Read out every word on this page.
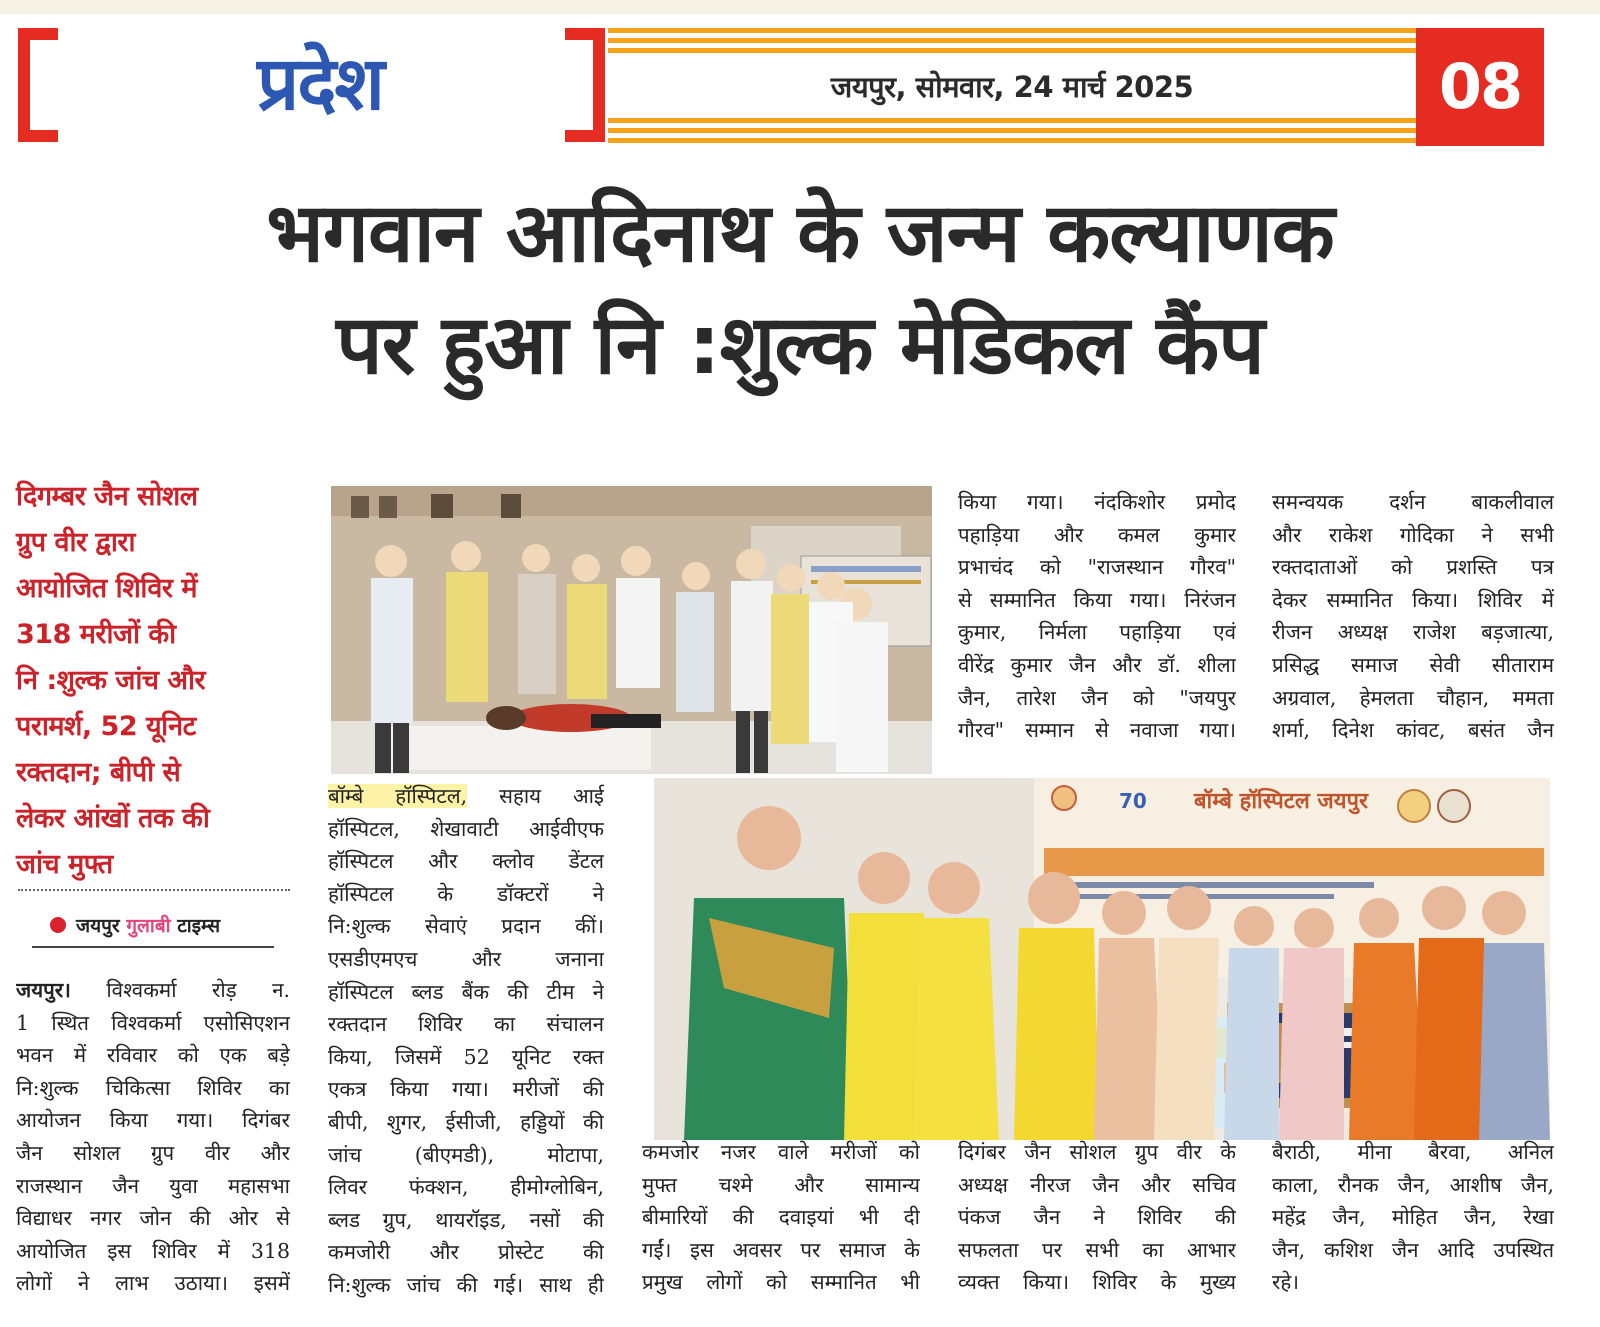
प्रदेश	जयपुर, सोमवार, 24 मार्च 2025	08
भगवान आदिनाथ के जन्म कल्याणक
पर हुआ नि :शुल्क मेडिकल कैंप
दिगम्बर जैन सोशल
ग्रुप वीर द्वारा
आयोजित शिविर में
318 मरीजों की
नि :शुल्क जांच और
परामर्श, 52 यूनिट
रक्तदान; बीपी से
लेकर आंखों तक की
जांच मुफ्त
जयपुर गुलाबी टाइम्स
जयपुर। विश्वकर्मा रोड़ न.
1 स्थित विश्वकर्मा एसोसिएशन
भवन में रविवार को एक बड़े
नि:शुल्क चिकित्सा शिविर का
आयोजन किया गया। दिगंबर
जैन सोशल ग्रुप वीर और
राजस्थान जैन युवा महासभा
विद्याधर नगर जोन की ओर से
आयोजित इस शिविर में 318
लोगों ने लाभ उठाया। इसमें
बॉम्बे हॉस्पिटल, सहाय आई
हॉस्पिटल, शेखावाटी आईवीएफ
हॉस्पिटल और क्लोव डेंटल
हॉस्पिटल के डॉक्टरों ने
नि:शुल्क सेवाएं प्रदान कीं।
एसडीएमएच और जनाना
हॉस्पिटल ब्लड बैंक की टीम ने
रक्तदान शिविर का संचालन
किया, जिसमें 52 यूनिट रक्त
एकत्र किया गया। मरीजों की
बीपी, शुगर, ईसीजी, हड्डियों की
जांच (बीएमडी), मोटापा,
लिवर फंक्शन, हीमोग्लोबिन,
ब्लड ग्रुप, थायरॉइड, नसों की
कमजोरी और प्रोस्टेट की
नि:शुल्क जांच की गई। साथ ही
कमजोर नजर वाले मरीजों को
मुफ्त चश्मे और सामान्य
बीमारियों की दवाइयां भी दी
गईं। इस अवसर पर समाज के
प्रमुख लोगों को सम्मानित भी
किया गया। नंदकिशोर प्रमोद
पहाड़िया और कमल कुमार
प्रभाचंद को "राजस्थान गौरव"
से सम्मानित किया गया। निरंजन
कुमार, निर्मला पहाड़िया एवं
वीरेंद्र कुमार जैन और डॉ. शीला
जैन, तारेश जैन को "जयपुर
गौरव" सम्मान से नवाजा गया।
दिगंबर जैन सोशल ग्रुप वीर के
अध्यक्ष नीरज जैन और सचिव
पंकज जैन ने शिविर की
सफलता पर सभी का आभार
व्यक्त किया। शिविर के मुख्य
समन्वयक दर्शन बाकलीवाल
और राकेश गोदिका ने सभी
रक्तदाताओं को प्रशस्ति पत्र
देकर सम्मानित किया। शिविर में
रीजन अध्यक्ष राजेश बड़जात्या,
प्रसिद्ध समाज सेवी सीताराम
अग्रवाल, हेमलता चौहान, ममता
शर्मा, दिनेश कांवट, बसंत जैन
बैराठी, मीना बैरवा, अनिल
काला, रौनक जैन, आशीष जैन,
महेंद्र जैन, मोहित जैन, रेखा
जैन, कशिश जैन आदि उपस्थित
रहे।
70 बॉम्बे हॉस्पिटल जयपुर
